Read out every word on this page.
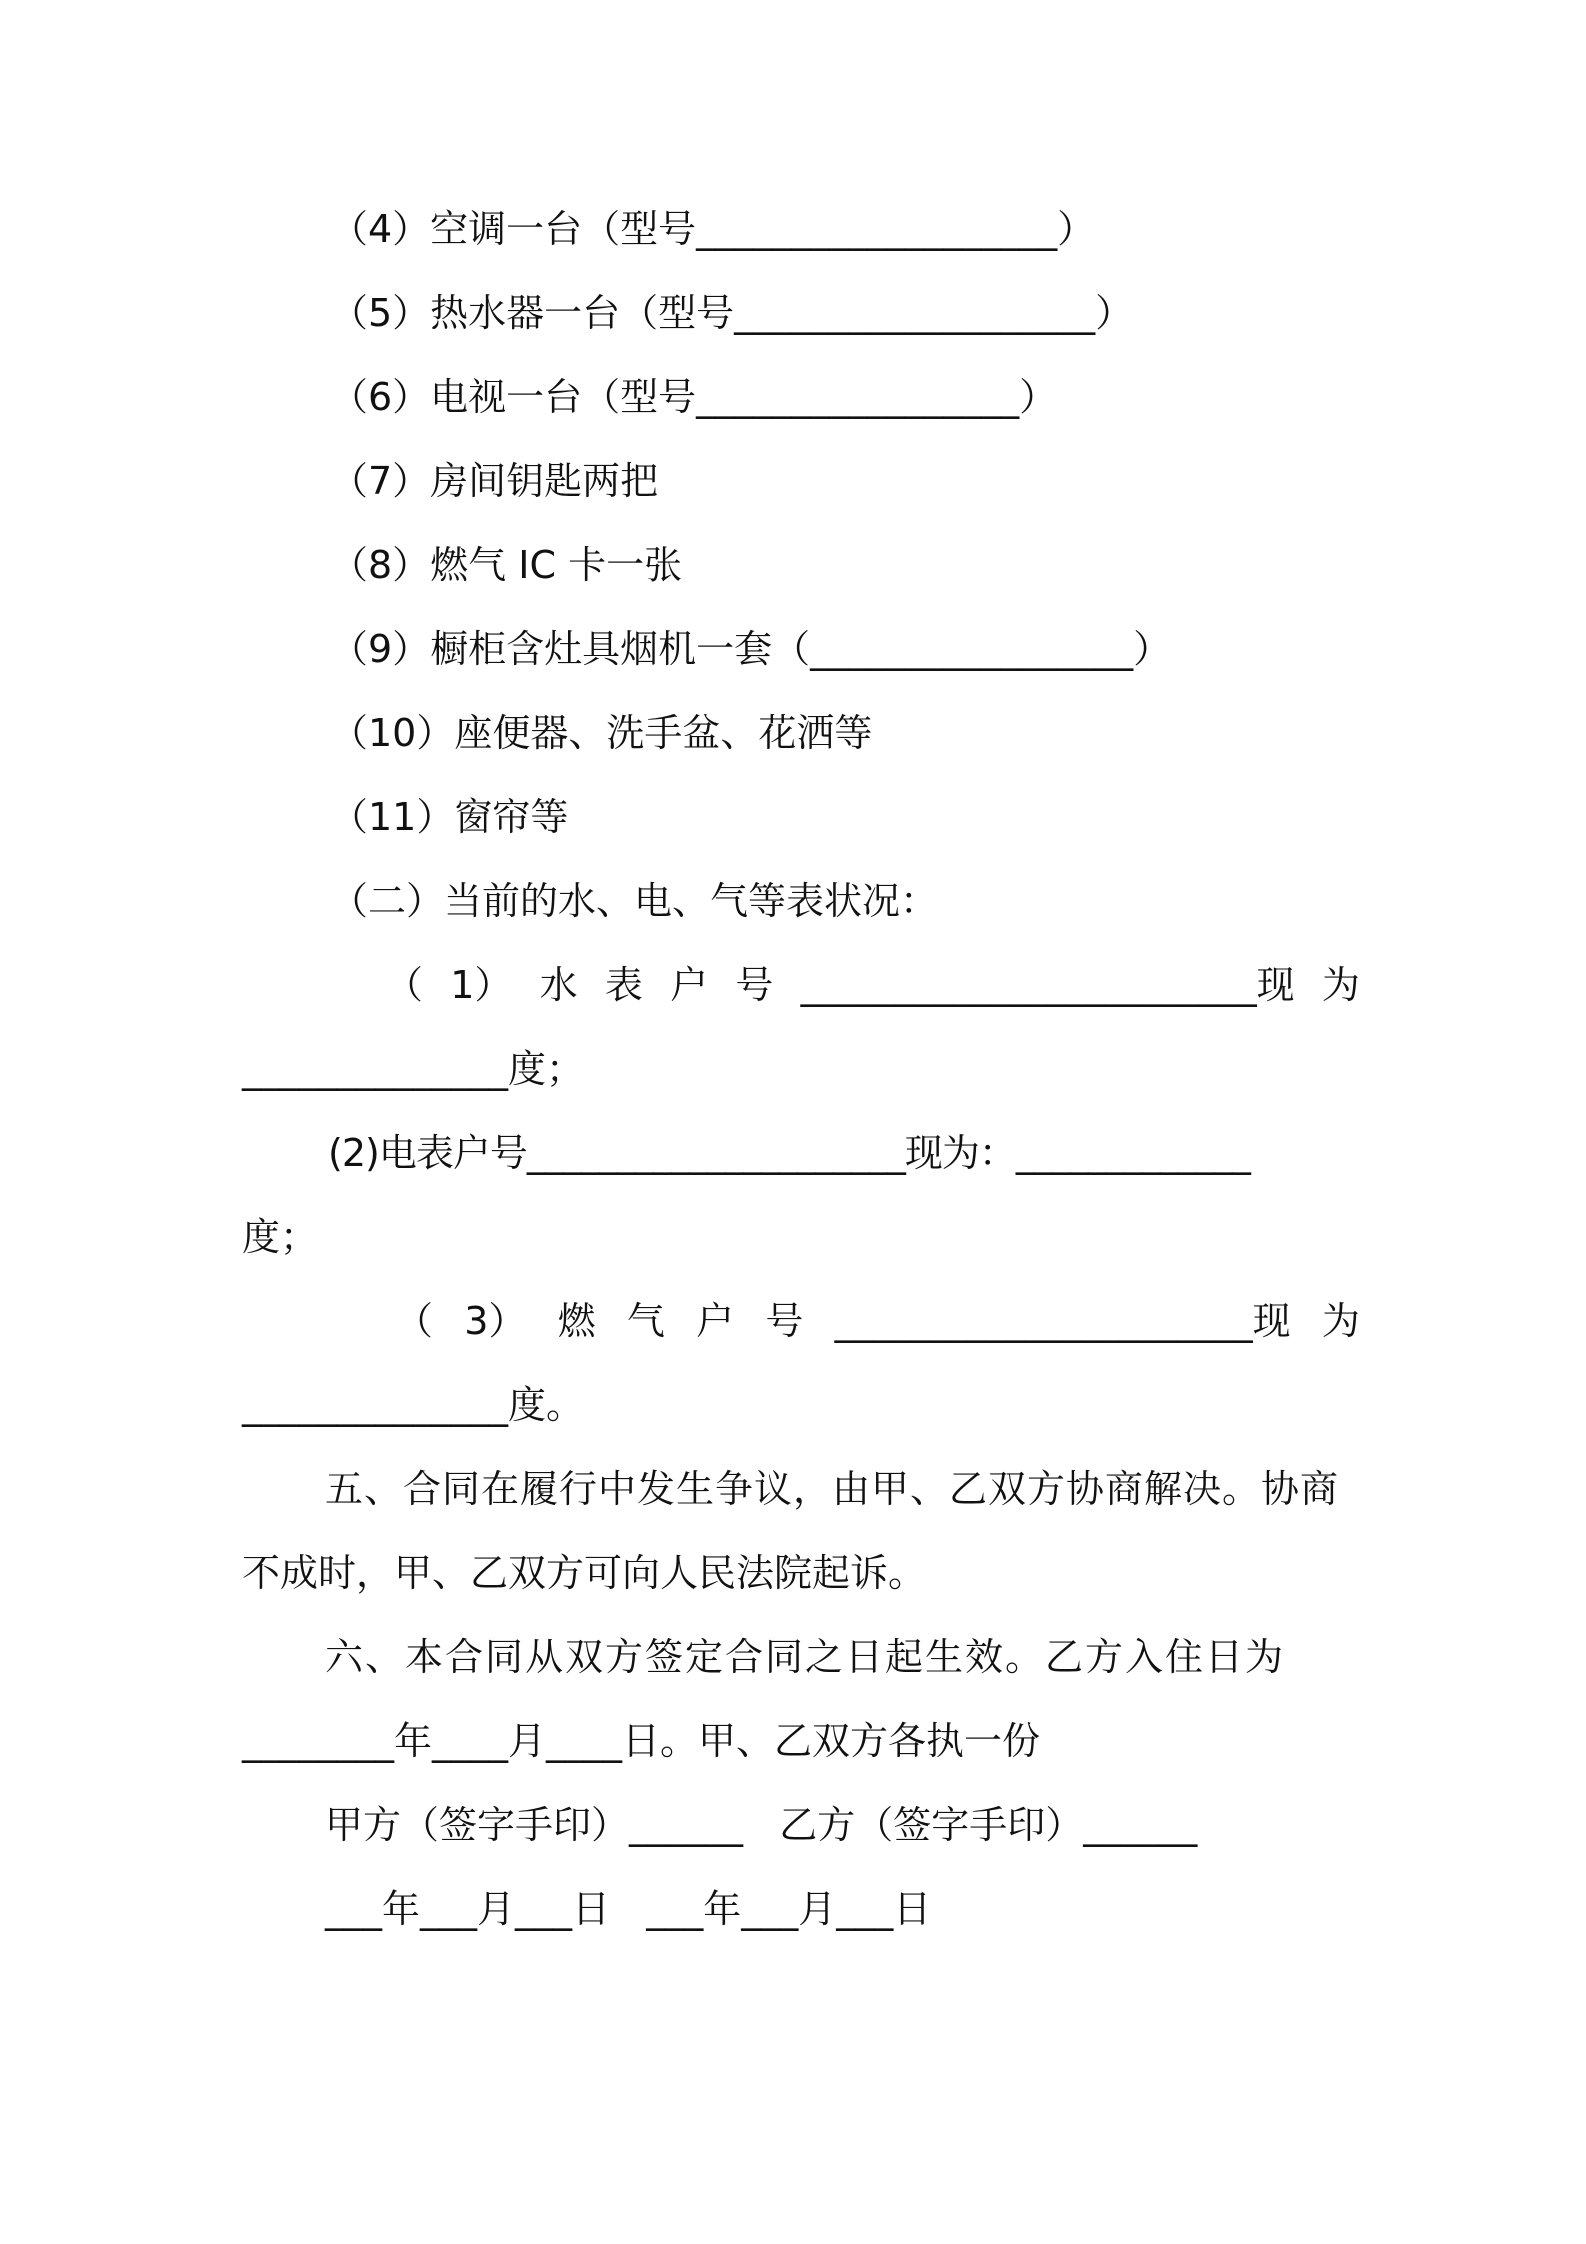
（4）空调一台（型号___________________）
（5）热水器一台（型号___________________）
（6）电视一台（型号_________________）
（7）房间钥匙两把
（8）燃气 IC 卡一张
（9）橱柜含灶具烟机一套（_________________）
（10）座便器、洗手盆、花洒等
（11）窗帘等
（二）当前的水、电、气等表状况：
（ 1） 水 表 户 号 ________________________现 为
______________度；
(2)电表户号_____________________现为：_____________
度；
（ 3） 燃 气 户 号 ______________________现 为
______________度。
五、合同在履行中发生争议，由甲、乙双方协商解决。协商
不成时，甲、乙双方可向人民法院起诉。
六、本合同从双方签定合同之日起生效。乙方入住日为
________年____月____日。甲、乙双方各执一份
甲方（签字手印）______   乙方（签字手印）______
___年___月___日   ___年___月___日
